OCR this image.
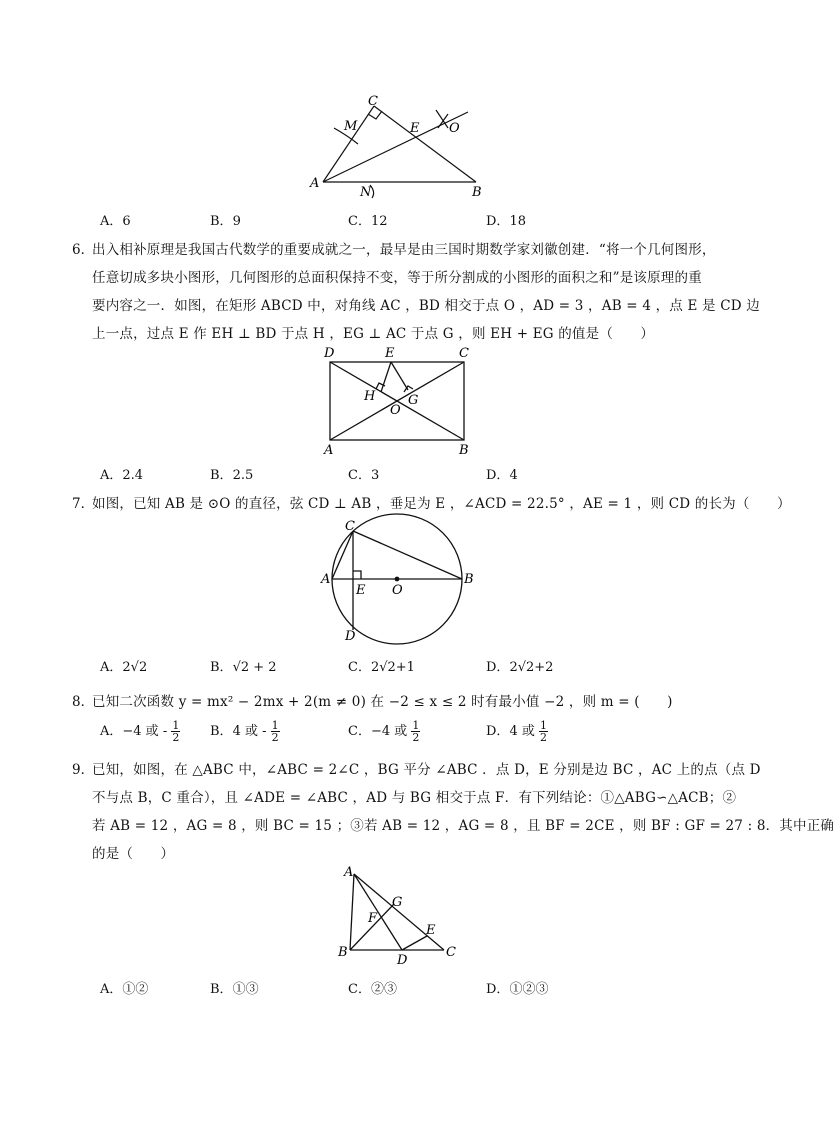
C
M	E O
A
N	B
A．6	B．9	C．12	D．18
6．
出入相补原理是我国古代数学的重要成就之一，最早是由三国时期数学家刘徽创建．“将一个几何图形，
任意切成多块小图形，几何图形的总面积保持不变，等于所分割成的小图形的面积之和”是该原理的重
要内容之一．如图，在矩形 ABCD 中，对角线 AC ，BD 相交于点 O ，AD = 3 ，AB = 4 ，点 E 是 CD 边
上一点，过点 E 作 EH ⊥ BD 于点 H ，EG ⊥ AC 于点 G ，则 EH + EG 的值是（　　）
D	E	C
H	G
O
A	B
A．2.4	B．2.5	C．3	D．4
7．
如图，已知 AB 是 ⊙O 的直径，弦 CD ⊥ AB ，垂足为 E ，∠ACD = 22.5° ，AE = 1 ，则 CD 的长为（　　）
C
A
E O
B
D
A．2√2	B．√2 + 2	C．2√2+1	D．2√2+2
8．
已知二次函数 y = mx² − 2mx + 2(m ≠ 0) 在 −2 ≤ x ≤ 2 时有最小值 −2 ，则 m = (　　)
A．−4 或 - $\frac{1}{2}$ B．4 或 - $\frac{1}{2}$	C．−4 或 $\frac{1}{2}$	D．4 或 $\frac{1}{2}$
9．
已知，如图，在 △ABC 中，∠ABC = 2∠C ，BG 平分 ∠ABC ．点 D，E 分别是边 BC ，AC 上的点（点 D
不与点 B，C 重合），且 ∠ADE = ∠ABC ，AD 与 BG 相交于点 F．有下列结论：①△ABG∽△ACB；②
若 AB = 12 ，AG = 8 ，则 BC = 15 ；③若 AB = 12 ，AG = 8 ，且 BF = 2CE ，则 BF : GF = 27 : 8．其中正确
的是（　　）
A
G
F
E
B
D
C
A．①②	B．①③	C．②③	D．①②③
